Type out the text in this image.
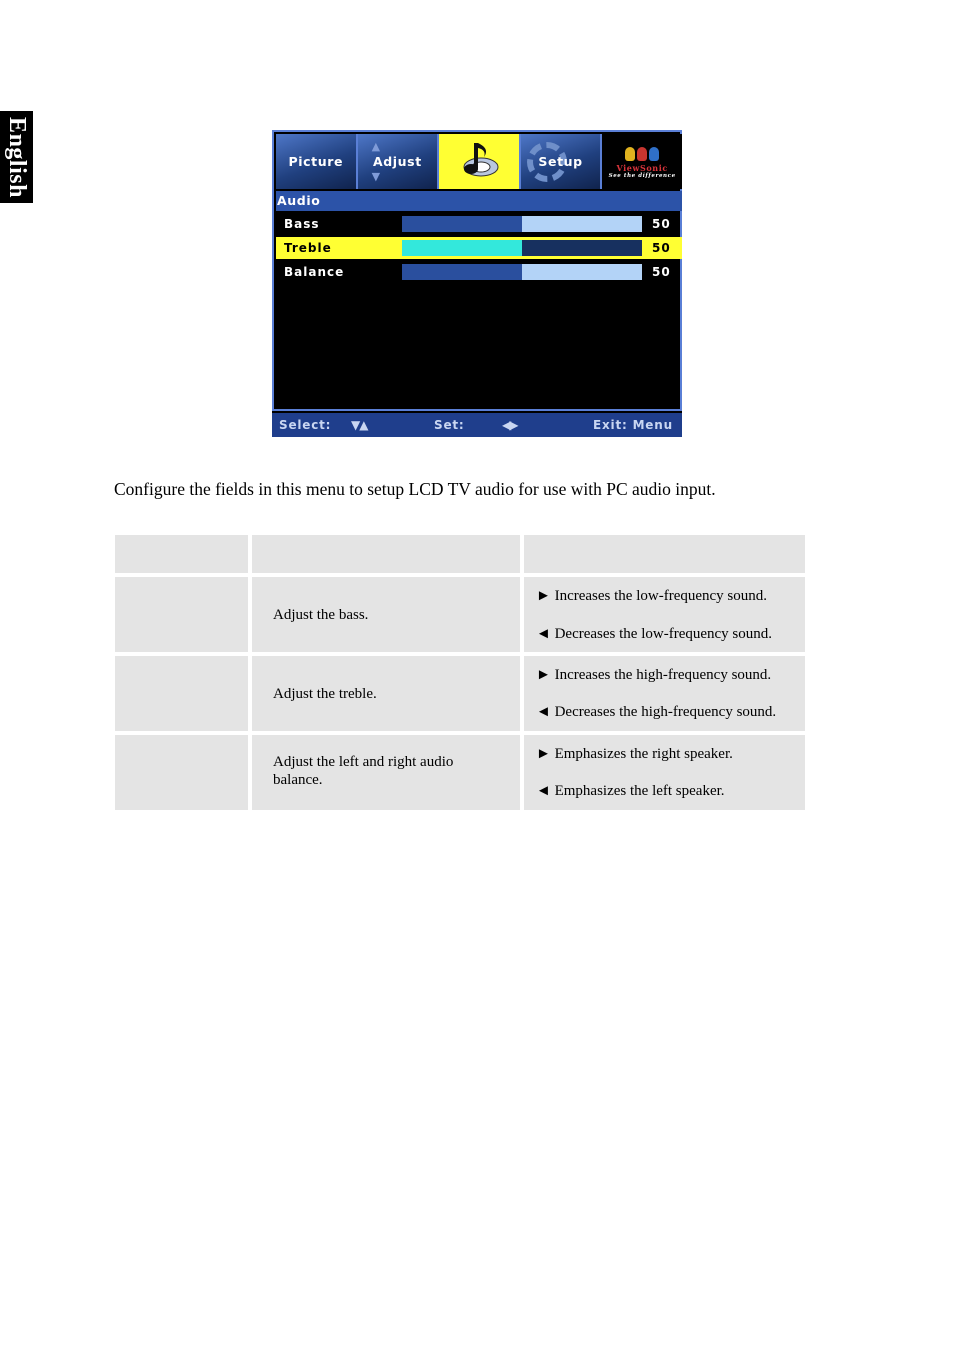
English	Picture
▲
▼
Adjust	Setup	ViewSonic
See the difference
Audio
Bass	50
Treble	50
Balance	50
Select: ▼▲	Set:	◀▶	Exit: Menu
Configure the fields in this menu to setup LCD TV audio for use with PC audio input.
Adjust the bass.
► Increases the low-frequency sound.
◄ Decreases the low-frequency sound.
Adjust the treble.
► Increases the high-frequency sound.
◄ Decreases the high-frequency sound.
Adjust the left and right audio balance.
► Emphasizes the right speaker.
◄ Emphasizes the left speaker.
